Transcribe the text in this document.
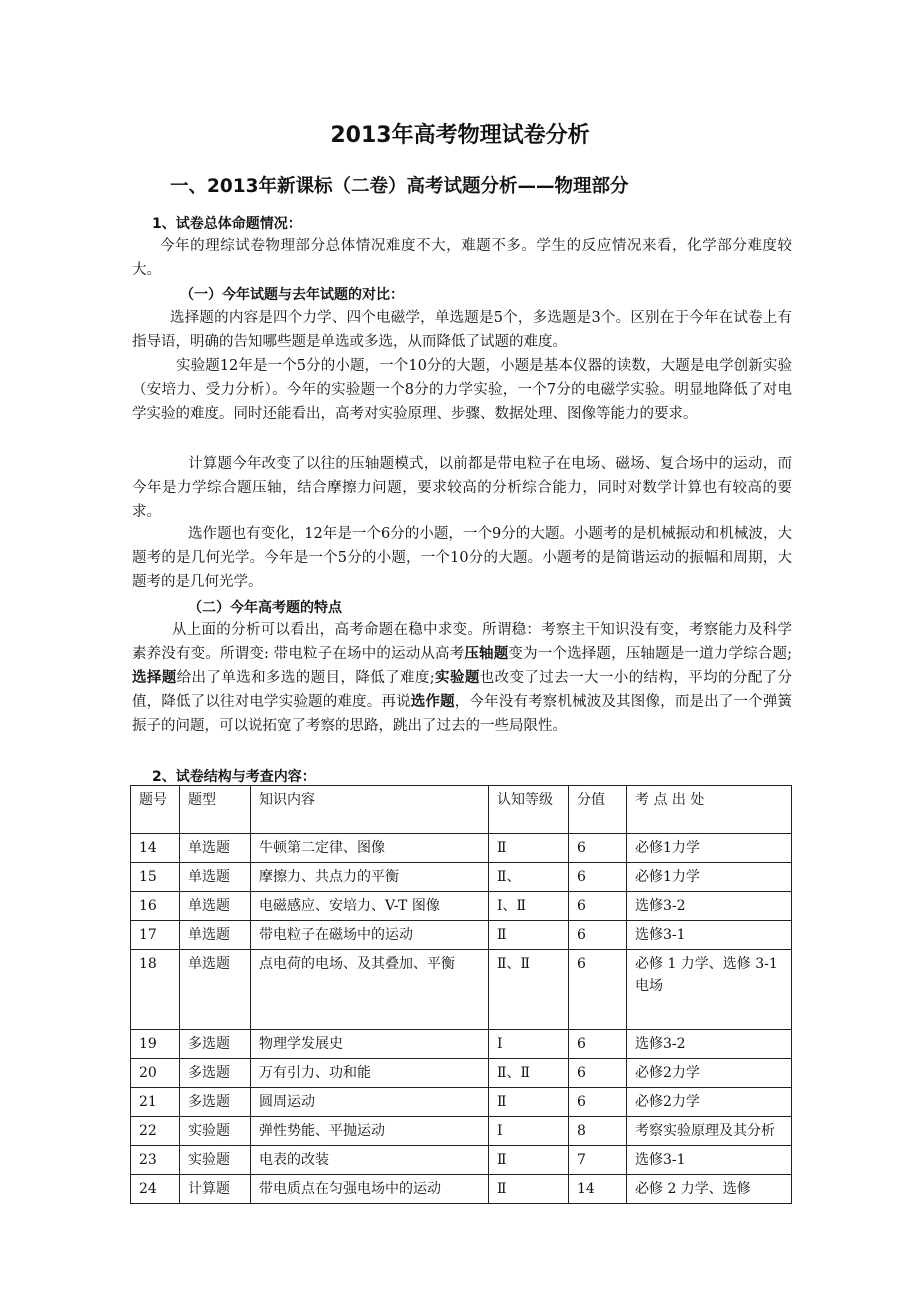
2013年高考物理试卷分析
一、2013年新课标（二卷）高考试题分析——物理部分
1、试卷总体命题情况：

今年的理综试卷物理部分总体情况难度不大，难题不多。学生的反应情况来看，化学部分难度较大。

（一）今年试题与去年试题的对比：

选择题的内容是四个力学、四个电磁学，单选题是5个，多选题是3个。区别在于今年在试卷上有指导语，明确的告知哪些题是单选或多选，从而降低了试题的难度。

实验题12年是一个5分的小题，一个10分的大题，小题是基本仪器的读数，大题是电学创新实验（安培力、受力分析）。今年的实验题一个8分的力学实验，一个7分的电磁学实验。明显地降低了对电学实验的难度。同时还能看出，高考对实验原理、步骤、数据处理、图像等能力的要求。

计算题今年改变了以往的压轴题模式，以前都是带电粒子在电场、磁场、复合场中的运动，而今年是力学综合题压轴，结合摩擦力问题，要求较高的分析综合能力，同时对数学计算也有较高的要求。

选作题也有变化，12年是一个6分的小题，一个9分的大题。小题考的是机械振动和机械波，大题考的是几何光学。今年是一个5分的小题，一个10分的大题。小题考的是简谐运动的振幅和周期，大题考的是几何光学。

（二）今年高考题的特点

从上面的分析可以看出，高考命题在稳中求变。所谓稳：考察主干知识没有变，考察能力及科学素养没有变。所谓变: 带电粒子在场中的运动从高考压轴题变为一个选择题，压轴题是一道力学综合题;选择题给出了单选和多选的题目，降低了难度;实验题也改变了过去一大一小的结构，平均的分配了分值，降低了以往对电学实验题的难度。再说选作题，今年没有考察机械波及其图像，而是出了一个弹簧振子的问题，可以说拓宽了考察的思路，跳出了过去的一些局限性。

2、试卷结构与考查内容：
题号	题型	知识内容	认知等级	分值	考 点 出 处
14	单选题	牛顿第二定律、图像	Ⅱ	6	必修1力学
15	单选题	摩擦力、共点力的平衡	Ⅱ、	6	必修1力学
16	单选题	电磁感应、安培力、V-T 图像	Ⅰ、Ⅱ	6	选修3-2
17	单选题	带电粒子在磁场中的运动	Ⅱ	6	选修3-1
18	单选题	点电荷的电场、及其叠加、平衡	Ⅱ、Ⅱ	6	必修 1 力学、选修 3-1 电场
19	多选题	物理学发展史	Ⅰ	6	选修3-2
20	多选题	万有引力、功和能	Ⅱ、Ⅱ	6	必修2力学
21	多选题	圆周运动	Ⅱ	6	必修2力学
22	实验题	弹性势能、平抛运动	Ⅰ	8	考察实验原理及其分析
23	实验题	电表的改装	Ⅱ	7	选修3-1
24	计算题	带电质点在匀强电场中的运动	Ⅱ	14	必修 2 力学、选修
